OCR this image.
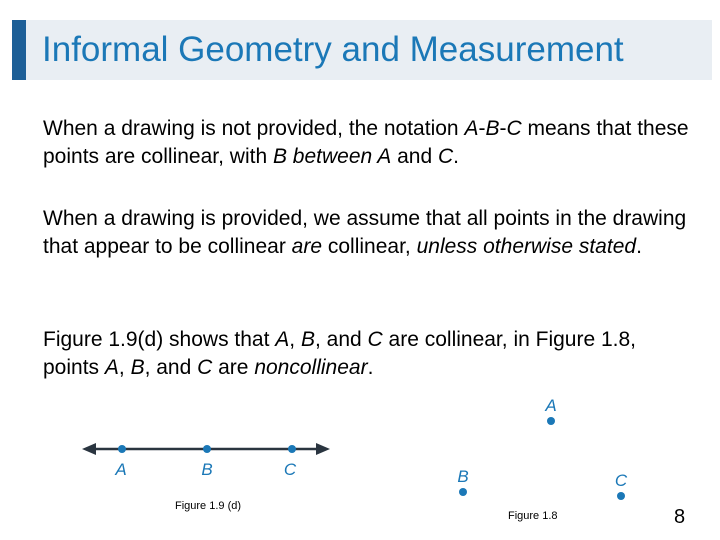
Informal Geometry and Measurement
When a drawing is not provided, the notation A-B-C means that these points are collinear, with B between A and C.
When a drawing is provided, we assume that all points in the drawing that appear to be collinear are collinear, unless otherwise stated.
Figure 1.9(d) shows that A, B, and C are collinear, in Figure 1.8, points A, B, and C are noncollinear.
A	B	C
A
B	C
Figure 1.9 (d)
Figure 1.8	8
